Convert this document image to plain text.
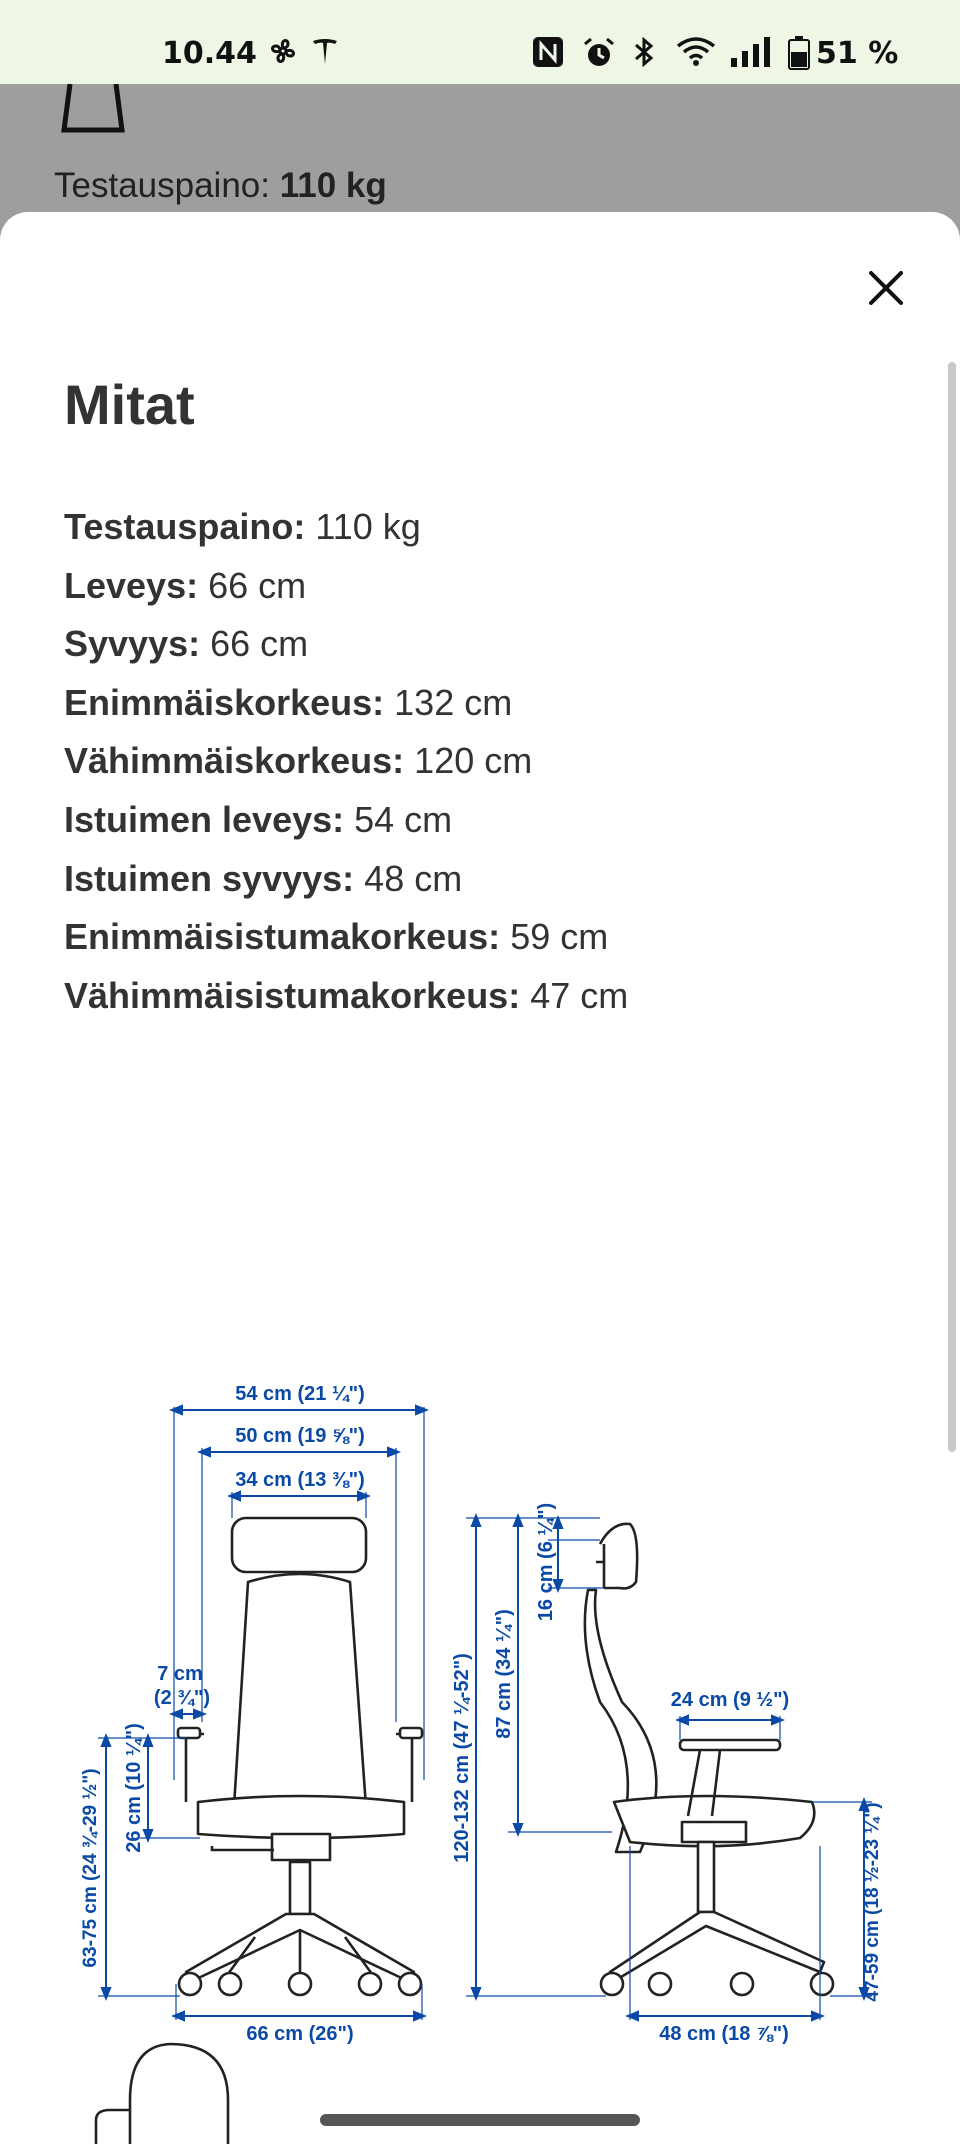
10.44	51 %
Testauspaino: 110 kg
Mitat
Testauspaino: 110 kg
Leveys: 66 cm
Syvyys: 66 cm
Enimmäiskorkeus: 132 cm
Vähimmäiskorkeus: 120 cm
Istuimen leveys: 54 cm
Istuimen syvyys: 48 cm
Enimmäisistumakorkeus: 59 cm
Vähimmäisistumakorkeus: 47 cm
54 cm (21 ¼")
50 cm (19 ⅝")
34 cm (13 ⅜")
7 cm
(2 ¾")
26 cm (10 ¼")
63-75 cm (24 ¾-29 ½")
66 cm (26")
120-132 cm (47 ¼-52") 87 cm (34 ¼")
16 cm (6 ¼")
24 cm (9 ½")
47-59 cm (18 ½-23 ¼")
48 cm (18 ⅞")
